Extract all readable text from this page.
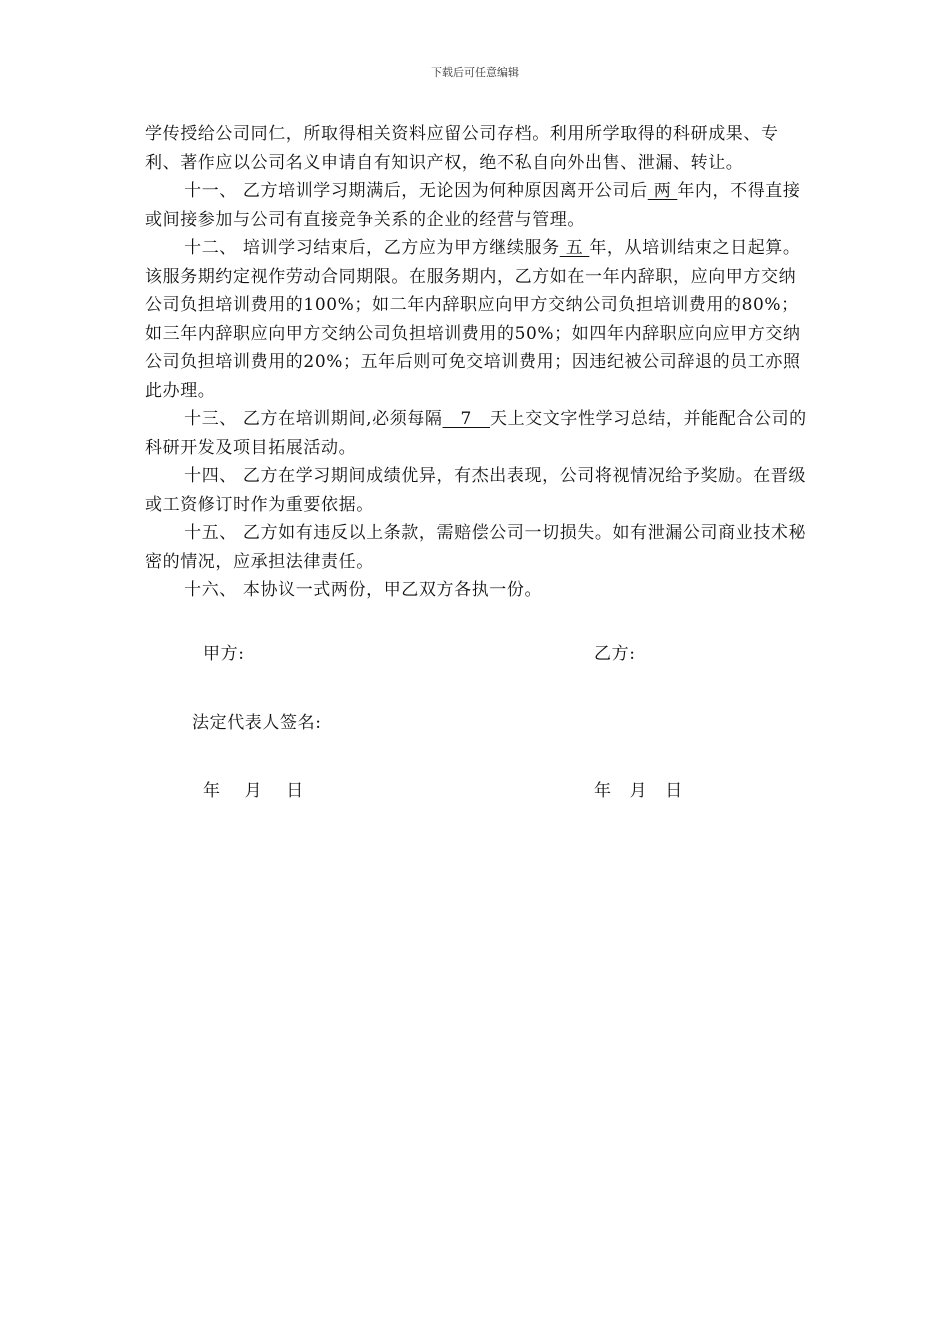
下载后可任意编辑

学传授给公司同仁，所取得相关资料应留公司存档。利用所学取得的科研成果、专利、著作应以公司名义申请自有知识产权，绝不私自向外出售、泄漏、转让。

十一、 乙方培训学习期满后，无论因为何种原因离开公司后 两 年内，不得直接或间接参加与公司有直接竞争关系的企业的经营与管理。

十二、 培训学习结束后，乙方应为甲方继续服务 五 年，从培训结束之日起算。该服务期约定视作劳动合同期限。在服务期内，乙方如在一年内辞职，应向甲方交纳公司负担培训费用的100%；如二年内辞职应向甲方交纳公司负担培训费用的80%；如三年内辞职应向甲方交纳公司负担培训费用的50%；如四年内辞职应向应甲方交纳公司负担培训费用的20%；五年后则可免交培训费用；因违纪被公司辞退的员工亦照此办理。

十三、 乙方在培训期间,必须每隔   7   天上交文字性学习总结，并能配合公司的科研开发及项目拓展活动。

十四、 乙方在学习期间成绩优异，有杰出表现，公司将视情况给予奖励。在晋级或工资修订时作为重要依据。

十五、 乙方如有违反以上条款，需赔偿公司一切损失。如有泄漏公司商业技术秘密的情况，应承担法律责任。

十六、 本协议一式两份，甲乙双方各执一份。

甲方:	乙方:
法定代表人签名:
年    月    日	年   月   日
